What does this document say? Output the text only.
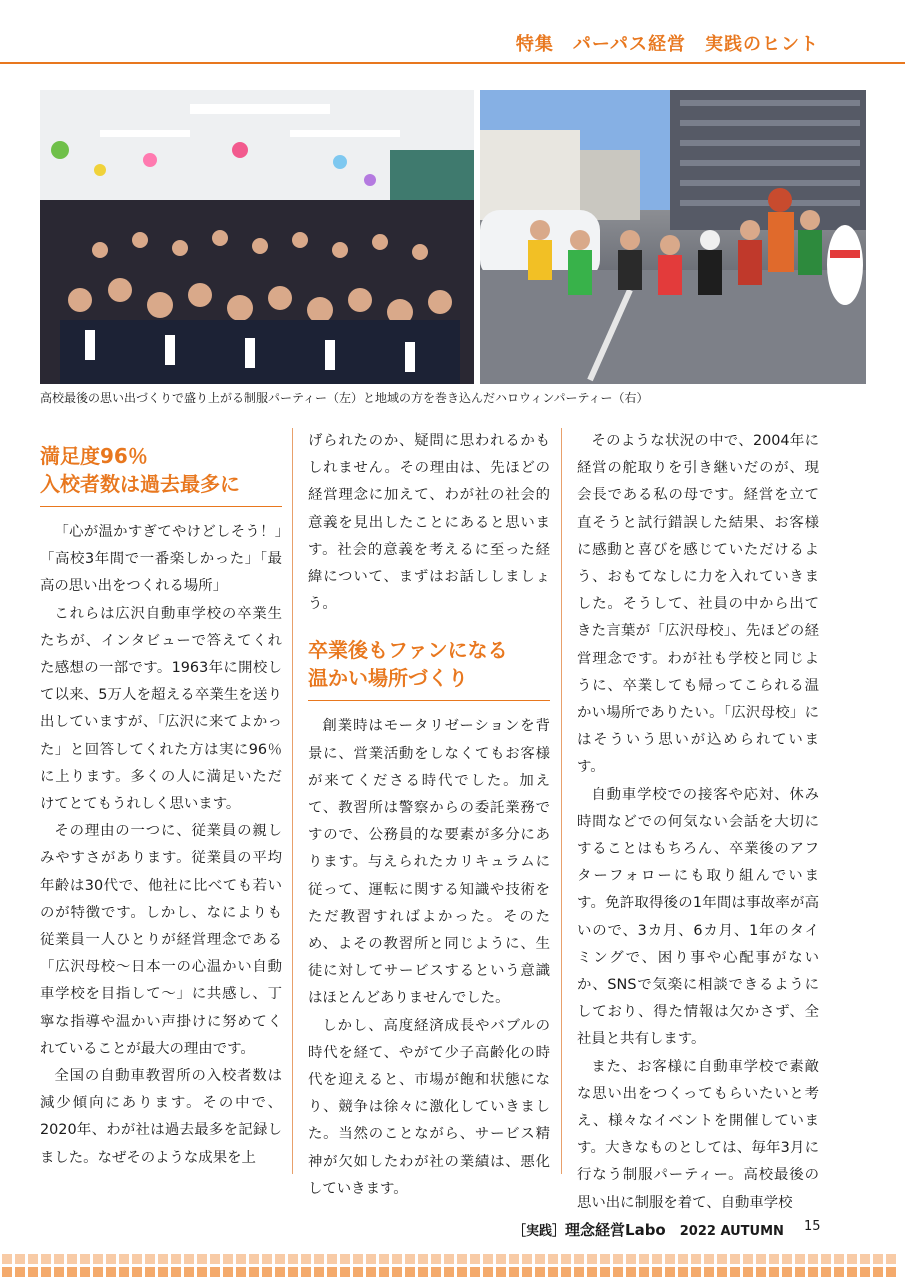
特集　パーパス経営　実践のヒント
高校最後の思い出づくりで盛り上がる制服パーティー（左）と地域の方を巻き込んだハロウィンパーティー（右）
満足度96％
入校者数は過去最多に

「心が温かすぎてやけどしそう！」「高校3年間で一番楽しかった」「最高の思い出をつくれる場所」

これらは広沢自動車学校の卒業生たちが、インタビューで答えてくれた感想の一部です。1963年に開校して以来、5万人を超える卒業生を送り出していますが、「広沢に来てよかった」と回答してくれた方は実に96％に上ります。多くの人に満足いただけてとてもうれしく思います。

その理由の一つに、従業員の親しみやすさがあります。従業員の平均年齢は30代で、他社に比べても若いのが特徴です。しかし、なによりも従業員一人ひとりが経営理念である「広沢母校～日本一の心温かい自動車学校を目指して～」に共感し、丁寧な指導や温かい声掛けに努めてくれていることが最大の理由です。

全国の自動車教習所の入校者数は減少傾向にあります。その中で、2020年、わが社は過去最多を記録しました。なぜそのような成果を上

げられたのか、疑問に思われるかもしれません。その理由は、先ほどの経営理念に加えて、わが社の社会的意義を見出したことにあると思います。社会的意義を考えるに至った経緯について、まずはお話ししましょう。

卒業後もファンになる
温かい場所づくり

創業時はモータリゼーションを背景に、営業活動をしなくてもお客様が来てくださる時代でした。加えて、教習所は警察からの委託業務ですので、公務員的な要素が多分にあります。与えられたカリキュラムに従って、運転に関する知識や技術をただ教習すればよかった。そのため、よその教習所と同じように、生徒に対してサービスするという意識はほとんどありませんでした。

しかし、高度経済成長やバブルの時代を経て、やがて少子高齢化の時代を迎えると、市場が飽和状態になり、競争は徐々に激化していきました。当然のことながら、サービス精神が欠如したわが社の業績は、悪化していきます。

そのような状況の中で、2004年に経営の舵取りを引き継いだのが、現会長である私の母です。経営を立て直そうと試行錯誤した結果、お客様に感動と喜びを感じていただけるよう、おもてなしに力を入れていきました。そうして、社員の中から出てきた言葉が「広沢母校」、先ほどの経営理念です。わが社も学校と同じように、卒業しても帰ってこられる温かい場所でありたい。「広沢母校」にはそういう思いが込められています。

自動車学校での接客や応対、休み時間などでの何気ない会話を大切にすることはもちろん、卒業後のアフターフォローにも取り組んでいます。免許取得後の1年間は事故率が高いので、3カ月、6カ月、1年のタイミングで、困り事や心配事がないか、SNSで気楽に相談できるようにしており、得た情報は欠かさず、全社員と共有します。

また、お客様に自動車学校で素敵な思い出をつくってもらいたいと考え、様々なイベントを開催しています。大きなものとしては、毎年3月に行なう制服パーティー。高校最後の思い出に制服を着て、自動車学校

［実践］理念経営Labo 2022 AUTUMN	15
